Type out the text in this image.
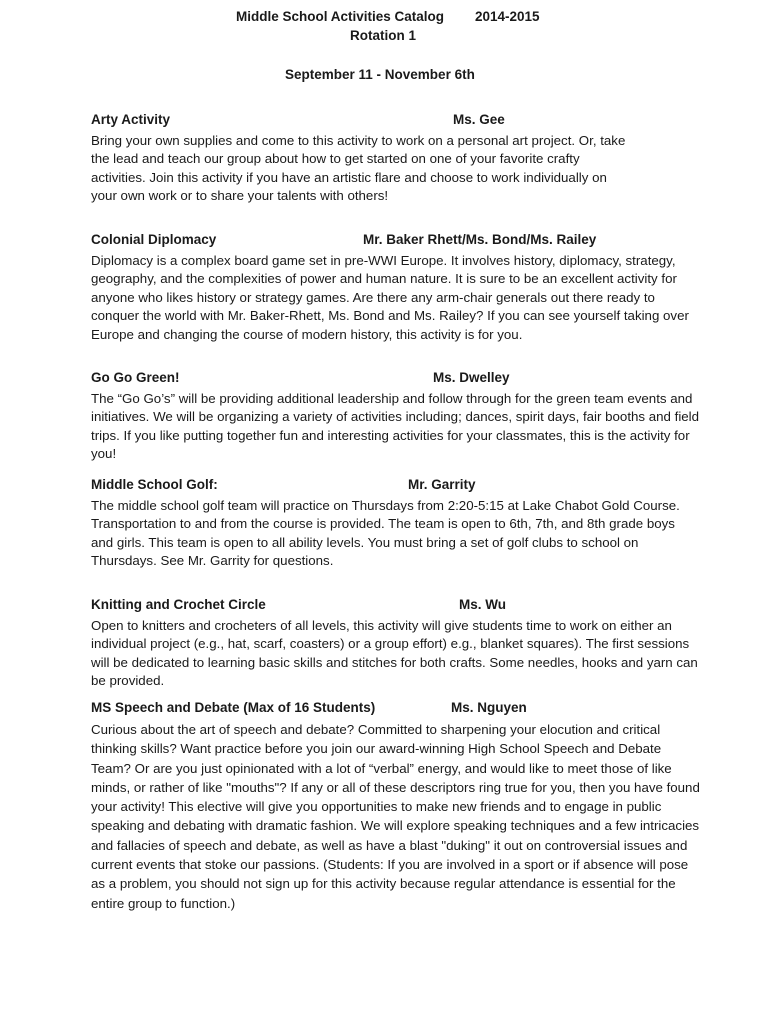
Middle School Activities Catalog 2014-2015
Rotation 1
September 11 - November 6th
Arty Activity	Ms. Gee

Bring your own supplies and come to this activity to work on a personal art project. Or, take the lead and teach our group about how to get started on one of your favorite crafty activities. Join this activity if you have an artistic flare and choose to work individually on your own work or to share your talents with others!

Colonial Diplomacy	Mr. Baker Rhett/Ms. Bond/Ms. Railey

Diplomacy is a complex board game set in pre-WWI Europe. It involves history, diplomacy, strategy, geography, and the complexities of power and human nature. It is sure to be an excellent activity for anyone who likes history or strategy games. Are there any arm-chair generals out there ready to conquer the world with Mr. Baker-Rhett, Ms. Bond and Ms. Railey? If you can see yourself taking over Europe and changing the course of modern history, this activity is for you.

Go Go Green!	Ms. Dwelley

The “Go Go’s” will be providing additional leadership and follow through for the green team events and initiatives. We will be organizing a variety of activities including; dances, spirit days, fair booths and field trips. If you like putting together fun and interesting activities for your classmates, this is the activity for you!

Middle School Golf:	Mr. Garrity

The middle school golf team will practice on Thursdays from 2:20-5:15 at Lake Chabot Gold Course. Transportation to and from the course is provided. The team is open to 6th, 7th, and 8th grade boys and girls. This team is open to all ability levels. You must bring a set of golf clubs to school on Thursdays. See Mr. Garrity for questions.

Knitting and Crochet Circle	Ms. Wu

Open to knitters and crocheters of all levels, this activity will give students time to work on either an individual project (e.g., hat, scarf, coasters) or a group effort) e.g., blanket squares). The first sessions will be dedicated to learning basic skills and stitches for both crafts. Some needles, hooks and yarn can be provided.

MS Speech and Debate (Max of 16 Students)	Ms. Nguyen

Curious about the art of speech and debate? Committed to sharpening your elocution and critical thinking skills? Want practice before you join our award-winning High School Speech and Debate Team? Or are you just opinionated with a lot of “verbal” energy, and would like to meet those of like minds, or rather of like "mouths"? If any or all of these descriptors ring true for you, then you have found your activity! This elective will give you opportunities to make new friends and to engage in public speaking and debating with dramatic fashion. We will explore speaking techniques and a few intricacies and fallacies of speech and debate, as well as have a blast "duking" it out on controversial issues and current events that stoke our passions. (Students: If you are involved in a sport or if absence will pose as a problem, you should not sign up for this activity because regular attendance is essential for the entire group to function.)
